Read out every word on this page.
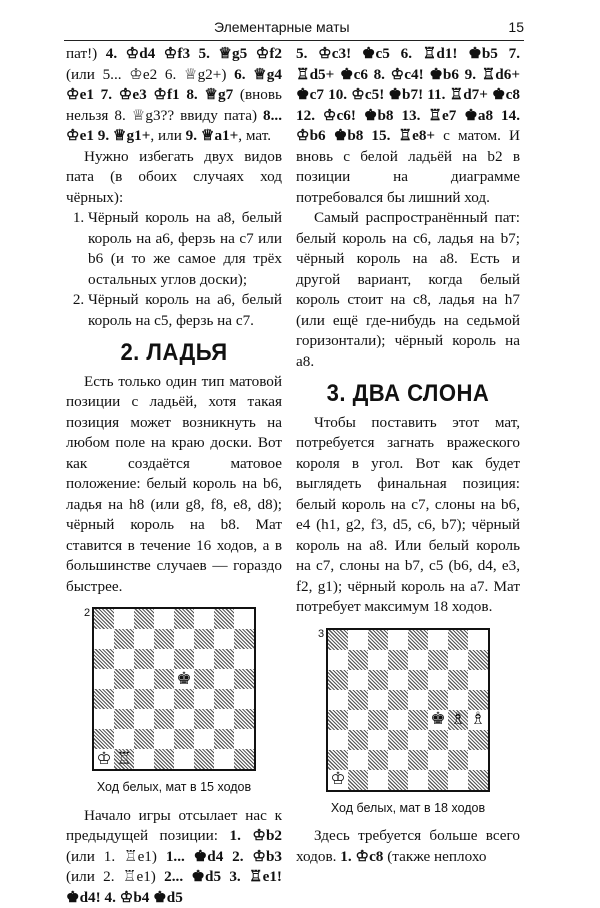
Элементарные маты	15

пат!) 4. ♔d4 ♔f3 5. ♕g5 ♔f2 (или 5... ♔e2 6. ♕g2+) 6. ♕g4 ♔e1 7. ♔e3 ♔f1 8. ♕g7 (вновь нельзя 8. ♕g3?? ввиду пата) 8... ♔e1 9. ♕g1+, или 9. ♕a1+, мат.

Нужно избегать двух видов пата (в обоих случаях ход чёрных):

1. Чёрный король на а8, белый король на а6, ферзь на с7 или b6 (и то же самое для трёх остальных углов доски);
2. Чёрный король на а6, белый король на с5, ферзь на с7.
2. ЛАДЬЯ

Есть только один тип матовой позиции с ладьёй, хотя такая позиция может возникнуть на любом поле на краю доски. Вот как создаётся матовое положение: белый король на b6, ладья на h8 (или g8, f8, e8, d8); чёрный король на b8. Мат ставится в течение 16 ходов, а в большинстве случаев — гораздо быстрее.

2
♚
♔ ♖
Ход белых, мат в 15 ходов

Начало игры отсылает нас к предыдущей позиции: 1. ♔b2 (или 1. ♖e1) 1... ♚d4 2. ♔b3 (или 2. ♖e1) 2... ♚d5 3. ♖e1! ♚d4! 4. ♔b4 ♚d5

5. ♔c3! ♚c5 6. ♖d1! ♚b5 7. ♖d5+ ♚c6 8. ♔c4! ♚b6 9. ♖d6+ ♚c7 10. ♔c5! ♚b7! 11. ♖d7+ ♚c8 12. ♔c6! ♚b8 13. ♖e7 ♚a8 14. ♔b6 ♚b8 15. ♖e8+ с матом. И вновь с белой ладьёй на b2 в позиции на диаграмме потребовался бы лишний ход.

Самый распространённый пат: белый король на с6, ладья на b7; чёрный король на а8. Есть и другой вариант, когда белый король стоит на с8, ладья на h7 (или ещё где-нибудь на седьмой горизонтали); чёрный король на а8.

3. ДВА СЛОНА

Чтобы поставить этот мат, потребуется загнать вражеского короля в угол. Вот как будет выглядеть финальная позиция: белый король на с7, слоны на b6, e4 (h1, g2, f3, d5, c6, b7); чёрный король на а8. Или белый король на с7, слоны на b7, c5 (b6, d4, e3, f2, g1); чёрный король на а7. Мат потребует максимум 18 ходов.

3
♚ ♗ ♗
♔
Ход белых, мат в 18 ходов

Здесь требуется больше всего ходов. 1. ♔c8 (также неплохо
